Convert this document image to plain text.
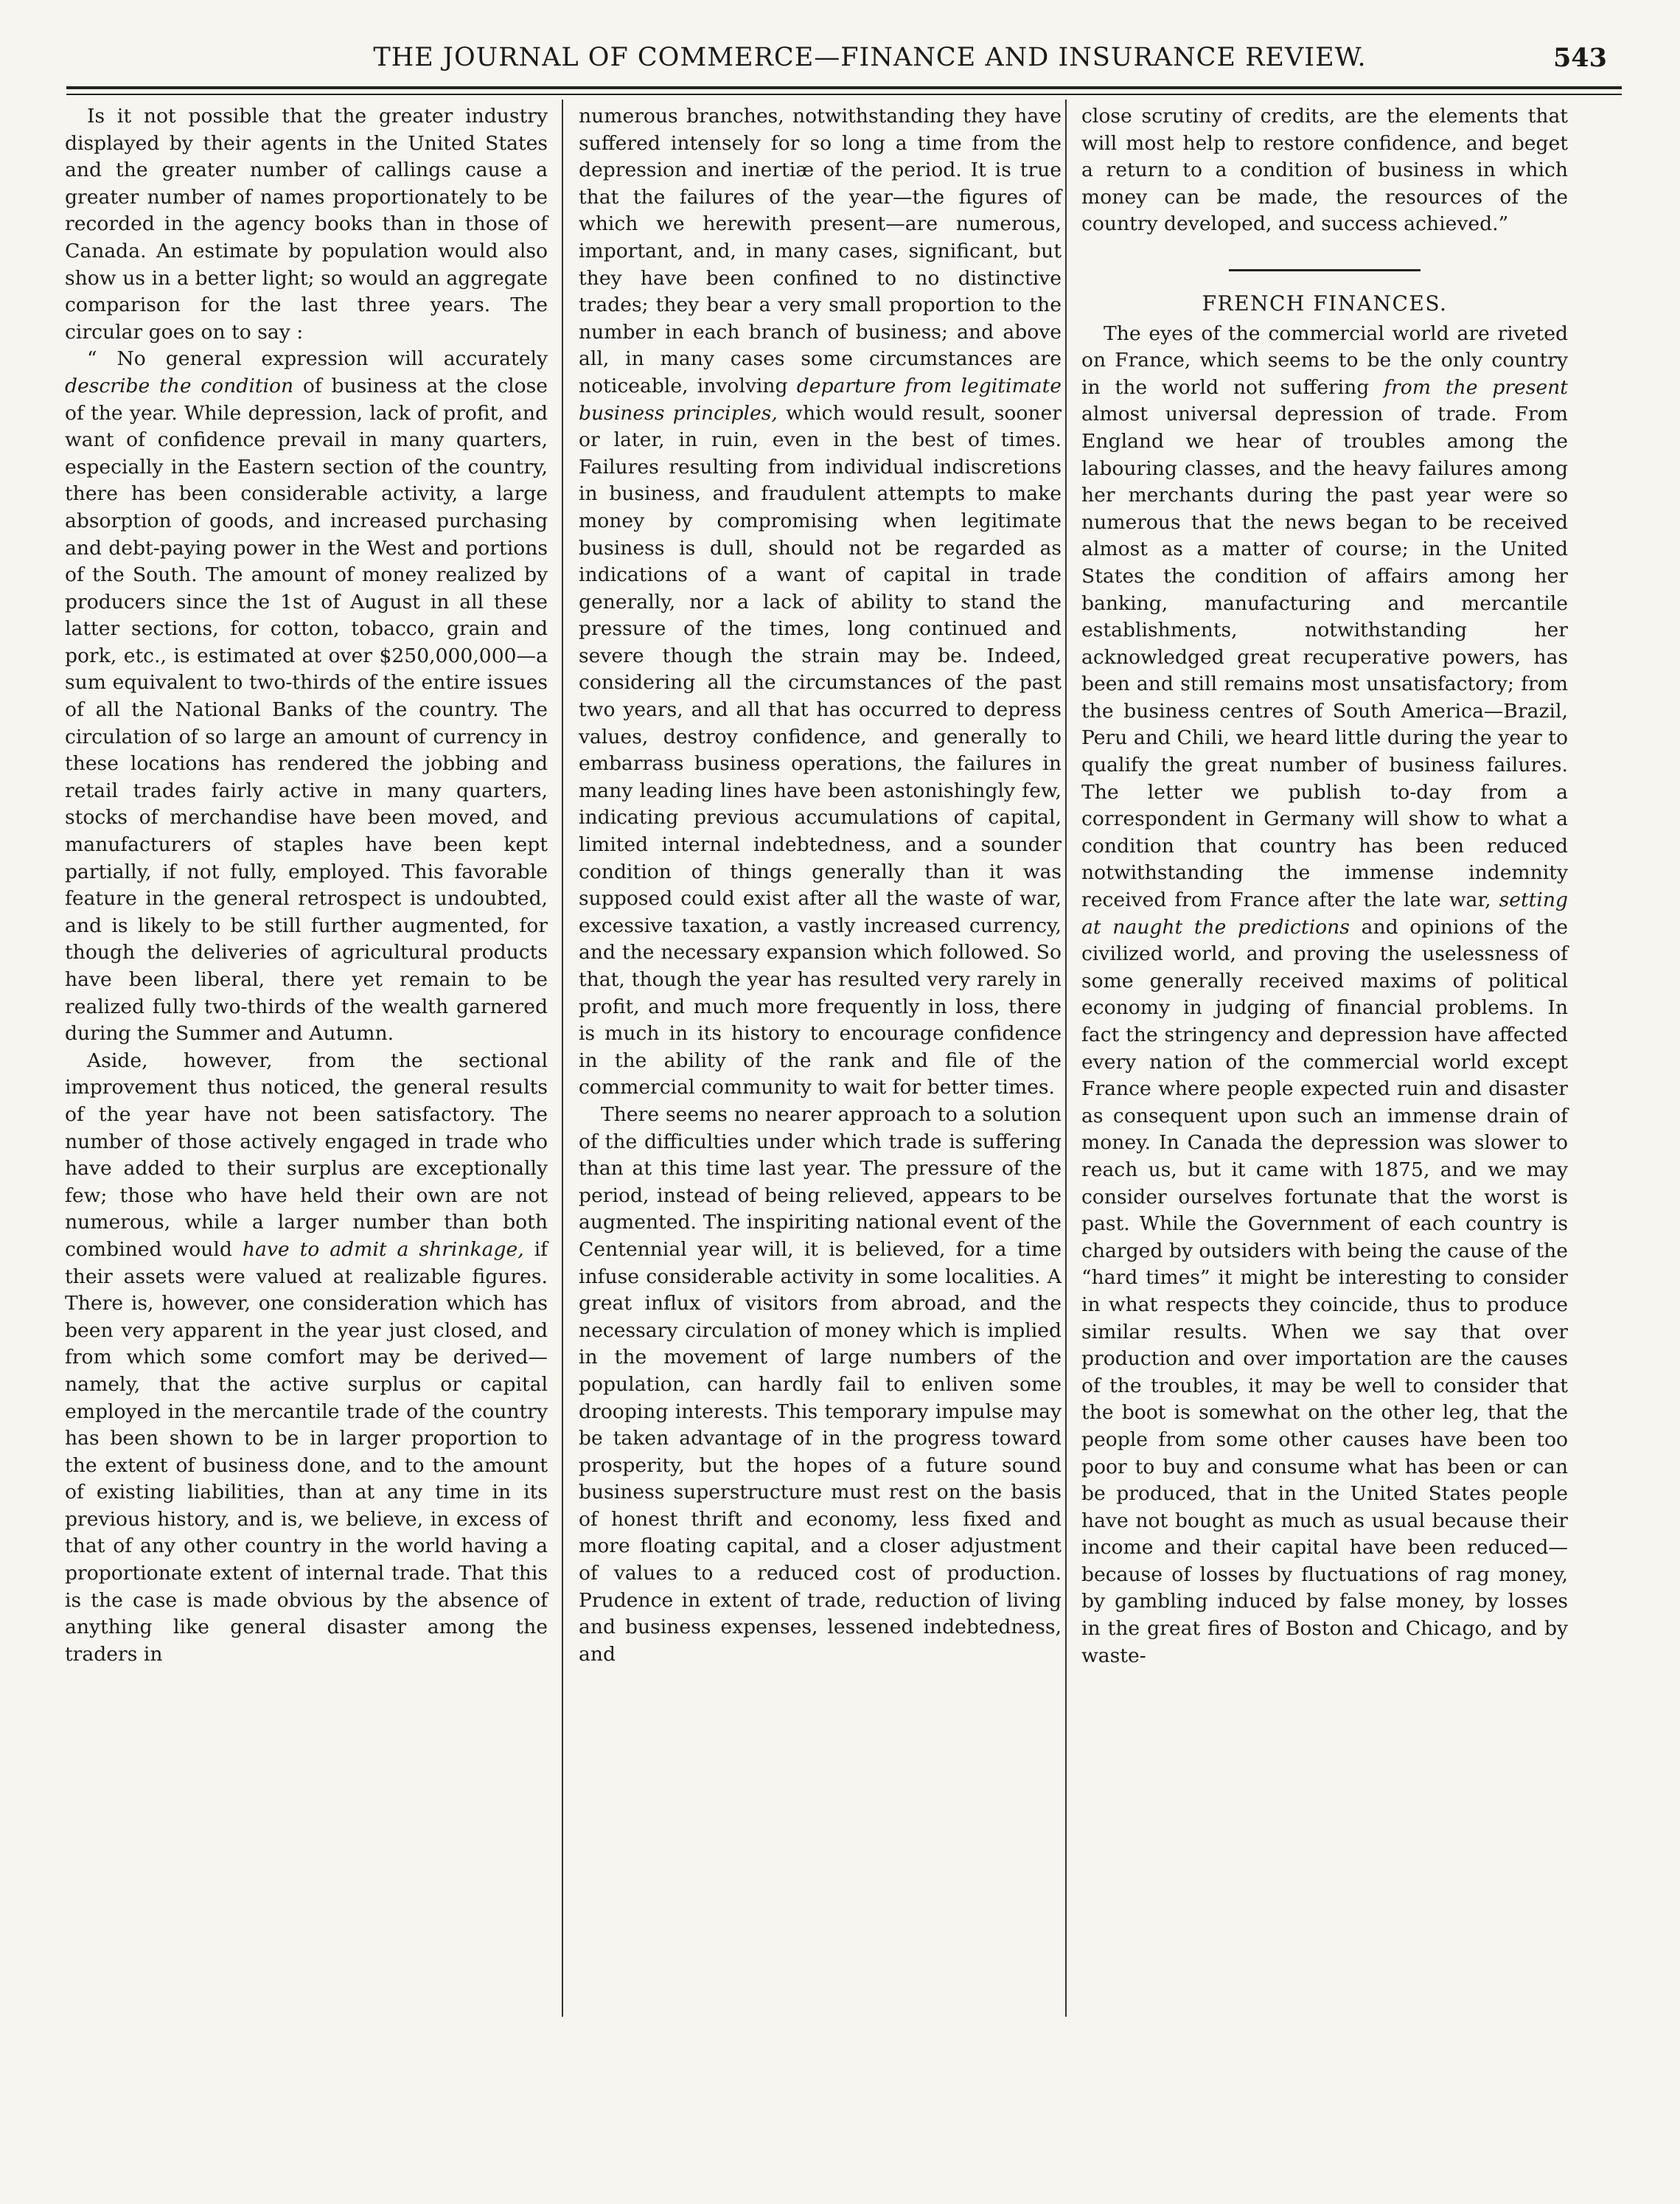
THE JOURNAL OF COMMERCE—FINANCE AND INSURANCE REVIEW.	543

Is it not possible that the greater industry displayed by their agents in the United States and the greater number of callings cause a greater number of names proportionately to be recorded in the agency books than in those of Canada. An estimate by population would also show us in a better light; so would an aggregate comparison for the last three years. The circular goes on to say :

“ No general expression will accurately describe the condition of business at the close of the year. While depression, lack of profit, and want of confidence prevail in many quarters, especially in the Eastern section of the country, there has been considerable activity, a large absorption of goods, and increased purchasing and debt-paying power in the West and portions of the South. The amount of money realized by producers since the 1st of August in all these latter sections, for cotton, tobacco, grain and pork, etc., is estimated at over $250,000,000—a sum equivalent to two-thirds of the entire issues of all the National Banks of the country. The circulation of so large an amount of currency in these locations has rendered the jobbing and retail trades fairly active in many quarters, stocks of merchandise have been moved, and manufacturers of staples have been kept partially, if not fully, employed. This favorable feature in the general retrospect is undoubted, and is likely to be still further augmented, for though the deliveries of agricultural products have been liberal, there yet remain to be realized fully two-thirds of the wealth garnered during the Summer and Autumn.

Aside, however, from the sectional improvement thus noticed, the general results of the year have not been satisfactory. The number of those actively engaged in trade who have added to their surplus are exceptionally few; those who have held their own are not numerous, while a larger number than both combined would have to admit a shrinkage, if their assets were valued at realizable figures. There is, however, one consideration which has been very apparent in the year just closed, and from which some comfort may be derived—namely, that the active surplus or capital employed in the mercantile trade of the country has been shown to be in larger proportion to the extent of business done, and to the amount of existing liabilities, than at any time in its previous history, and is, we believe, in excess of that of any other country in the world having a proportionate extent of internal trade. That this is the case is made obvious by the absence of anything like general disaster among the traders in

numerous branches, notwithstanding they have suffered intensely for so long a time from the depression and inertiæ of the period. It is true that the failures of the year—the figures of which we herewith present—are numerous, important, and, in many cases, significant, but they have been confined to no distinctive trades; they bear a very small proportion to the number in each branch of business; and above all, in many cases some circumstances are noticeable, involving departure from legitimate business principles, which would result, sooner or later, in ruin, even in the best of times. Failures resulting from individual indiscretions in business, and fraudulent attempts to make money by compromising when legitimate business is dull, should not be regarded as indications of a want of capital in trade generally, nor a lack of ability to stand the pressure of the times, long continued and severe though the strain may be. Indeed, considering all the circumstances of the past two years, and all that has occurred to depress values, destroy confidence, and generally to embarrass business operations, the failures in many leading lines have been astonishingly few, indicating previous accumulations of capital, limited internal indebtedness, and a sounder condition of things generally than it was supposed could exist after all the waste of war, excessive taxation, a vastly increased currency, and the necessary expansion which followed. So that, though the year has resulted very rarely in profit, and much more frequently in loss, there is much in its history to encourage confidence in the ability of the rank and file of the commercial community to wait for better times.

There seems no nearer approach to a solution of the difficulties under which trade is suffering than at this time last year. The pressure of the period, instead of being relieved, appears to be augmented. The inspiriting national event of the Centennial year will, it is believed, for a time infuse considerable activity in some localities. A great influx of visitors from abroad, and the necessary circulation of money which is implied in the movement of large numbers of the population, can hardly fail to enliven some drooping interests. This temporary impulse may be taken advantage of in the progress toward prosperity, but the hopes of a future sound business superstructure must rest on the basis of honest thrift and economy, less fixed and more floating capital, and a closer adjustment of values to a reduced cost of production. Prudence in extent of trade, reduction of living and business expenses, lessened indebtedness, and

close scrutiny of credits, are the elements that will most help to restore confidence, and beget a return to a condition of business in which money can be made, the resources of the country developed, and success achieved.”

FRENCH FINANCES.

The eyes of the commercial world are riveted on France, which seems to be the only country in the world not suffering from the present almost universal depression of trade. From England we hear of troubles among the labouring classes, and the heavy failures among her merchants during the past year were so numerous that the news began to be received almost as a matter of course; in the United States the condition of affairs among her banking, manufacturing and mercantile establishments, notwithstanding her acknowledged great recuperative powers, has been and still remains most unsatisfactory; from the business centres of South America—Brazil, Peru and Chili, we heard little during the year to qualify the great number of business failures. The letter we publish to-day from a correspondent in Germany will show to what a condition that country has been reduced notwithstanding the immense indemnity received from France after the late war, setting at naught the predictions and opinions of the civilized world, and proving the uselessness of some generally received maxims of political economy in judging of financial problems. In fact the stringency and depression have affected every nation of the commercial world except France where people expected ruin and disaster as consequent upon such an immense drain of money. In Canada the depression was slower to reach us, but it came with 1875, and we may consider ourselves fortunate that the worst is past. While the Government of each country is charged by outsiders with being the cause of the “hard times” it might be interesting to consider in what respects they coincide, thus to produce similar results. When we say that over production and over importation are the causes of the troubles, it may be well to consider that the boot is somewhat on the other leg, that the people from some other causes have been too poor to buy and consume what has been or can be produced, that in the United States people have not bought as much as usual because their income and their capital have been reduced—because of losses by fluctuations of rag money, by gambling induced by false money, by losses in the great fires of Boston and Chicago, and by waste-
